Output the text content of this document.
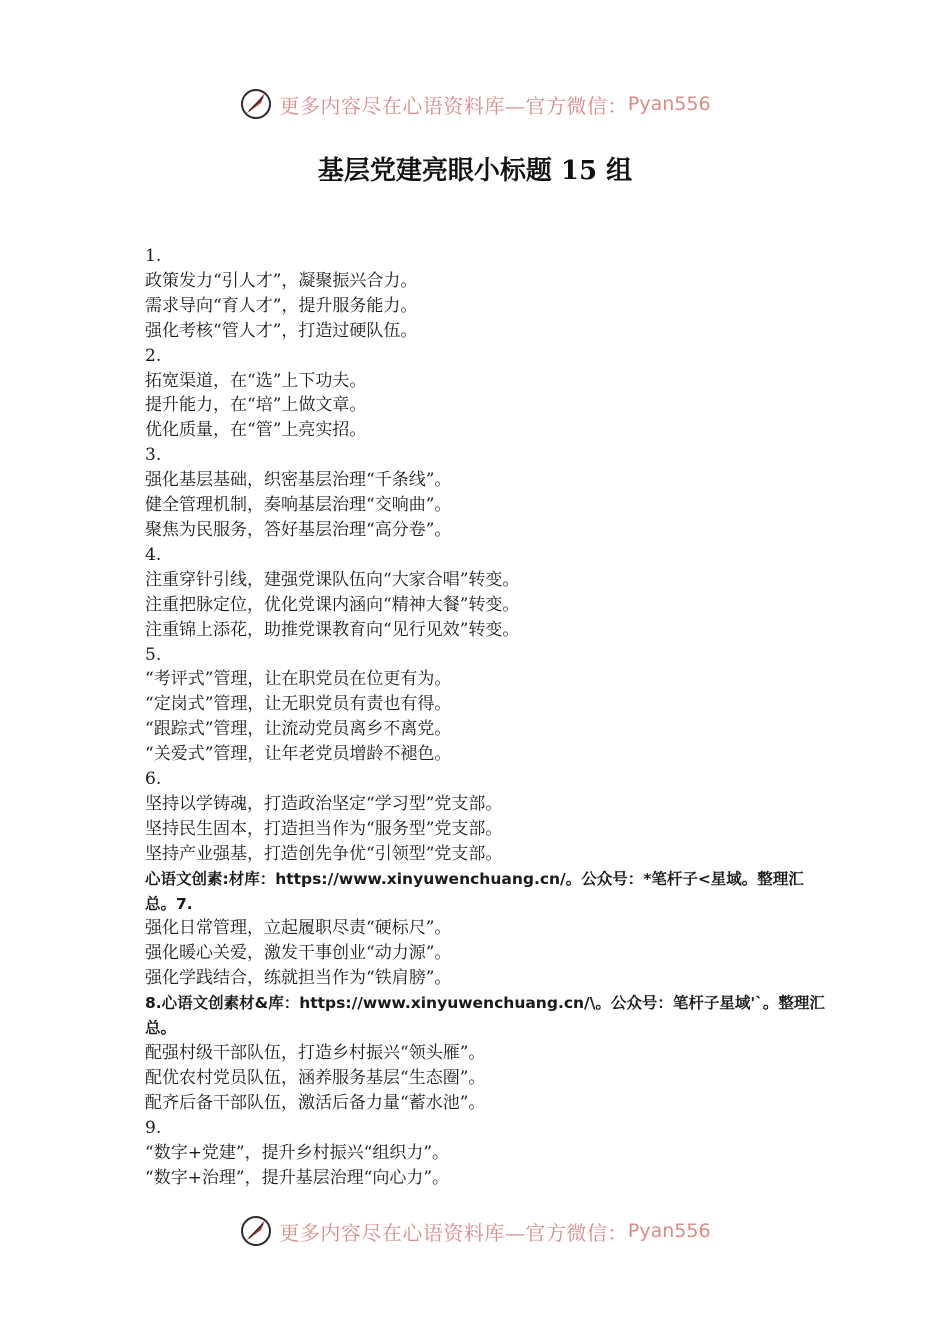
更多内容尽在心语资料库—官方微信： Pyan556
基层党建亮眼小标题 15 组
1.
政策发力“引人才”，凝聚振兴合力。
需求导向“育人才”，提升服务能力。
强化考核“管人才”，打造过硬队伍。
2.
拓宽渠道，在“选”上下功夫。
提升能力，在“培”上做文章。
优化质量，在“管”上亮实招。
3.
强化基层基础，织密基层治理“千条线”。
健全管理机制，奏响基层治理“交响曲”。
聚焦为民服务，答好基层治理“高分卷”。
4.
注重穿针引线，建强党课队伍向“大家合唱”转变。
注重把脉定位，优化党课内涵向“精神大餐”转变。
注重锦上添花，助推党课教育向“见行见效”转变。
5.
“考评式”管理，让在职党员在位更有为。
“定岗式”管理，让无职党员有责也有得。
“跟踪式”管理，让流动党员离乡不离党。
“关爱式”管理，让年老党员增龄不褪色。
6.
坚持以学铸魂，打造政治坚定“学习型”党支部。
坚持民生固本，打造担当作为“服务型”党支部。
坚持产业强基，打造创先争优“引领型”党支部。
心语文创素:材库：https://www.xinyuwenchuang.cn/。公众号：*笔杆子<星域。整理汇总。7.
强化日常管理，立起履职尽责“硬标尺”。
强化暖心关爱，激发干事创业“动力源”。
强化学践结合，练就担当作为“铁肩膀”。
8.心语文创素材&库：https://www.xinyuwenchuang.cn/\。公众号：笔杆子星域'`。整理汇总。
配强村级干部队伍，打造乡村振兴“领头雁”。
配优农村党员队伍，涵养服务基层“生态圈”。
配齐后备干部队伍，激活后备力量“蓄水池”。
9.
“数字+党建”，提升乡村振兴“组织力”。
“数字+治理”，提升基层治理“向心力”。
更多内容尽在心语资料库—官方微信： Pyan556
